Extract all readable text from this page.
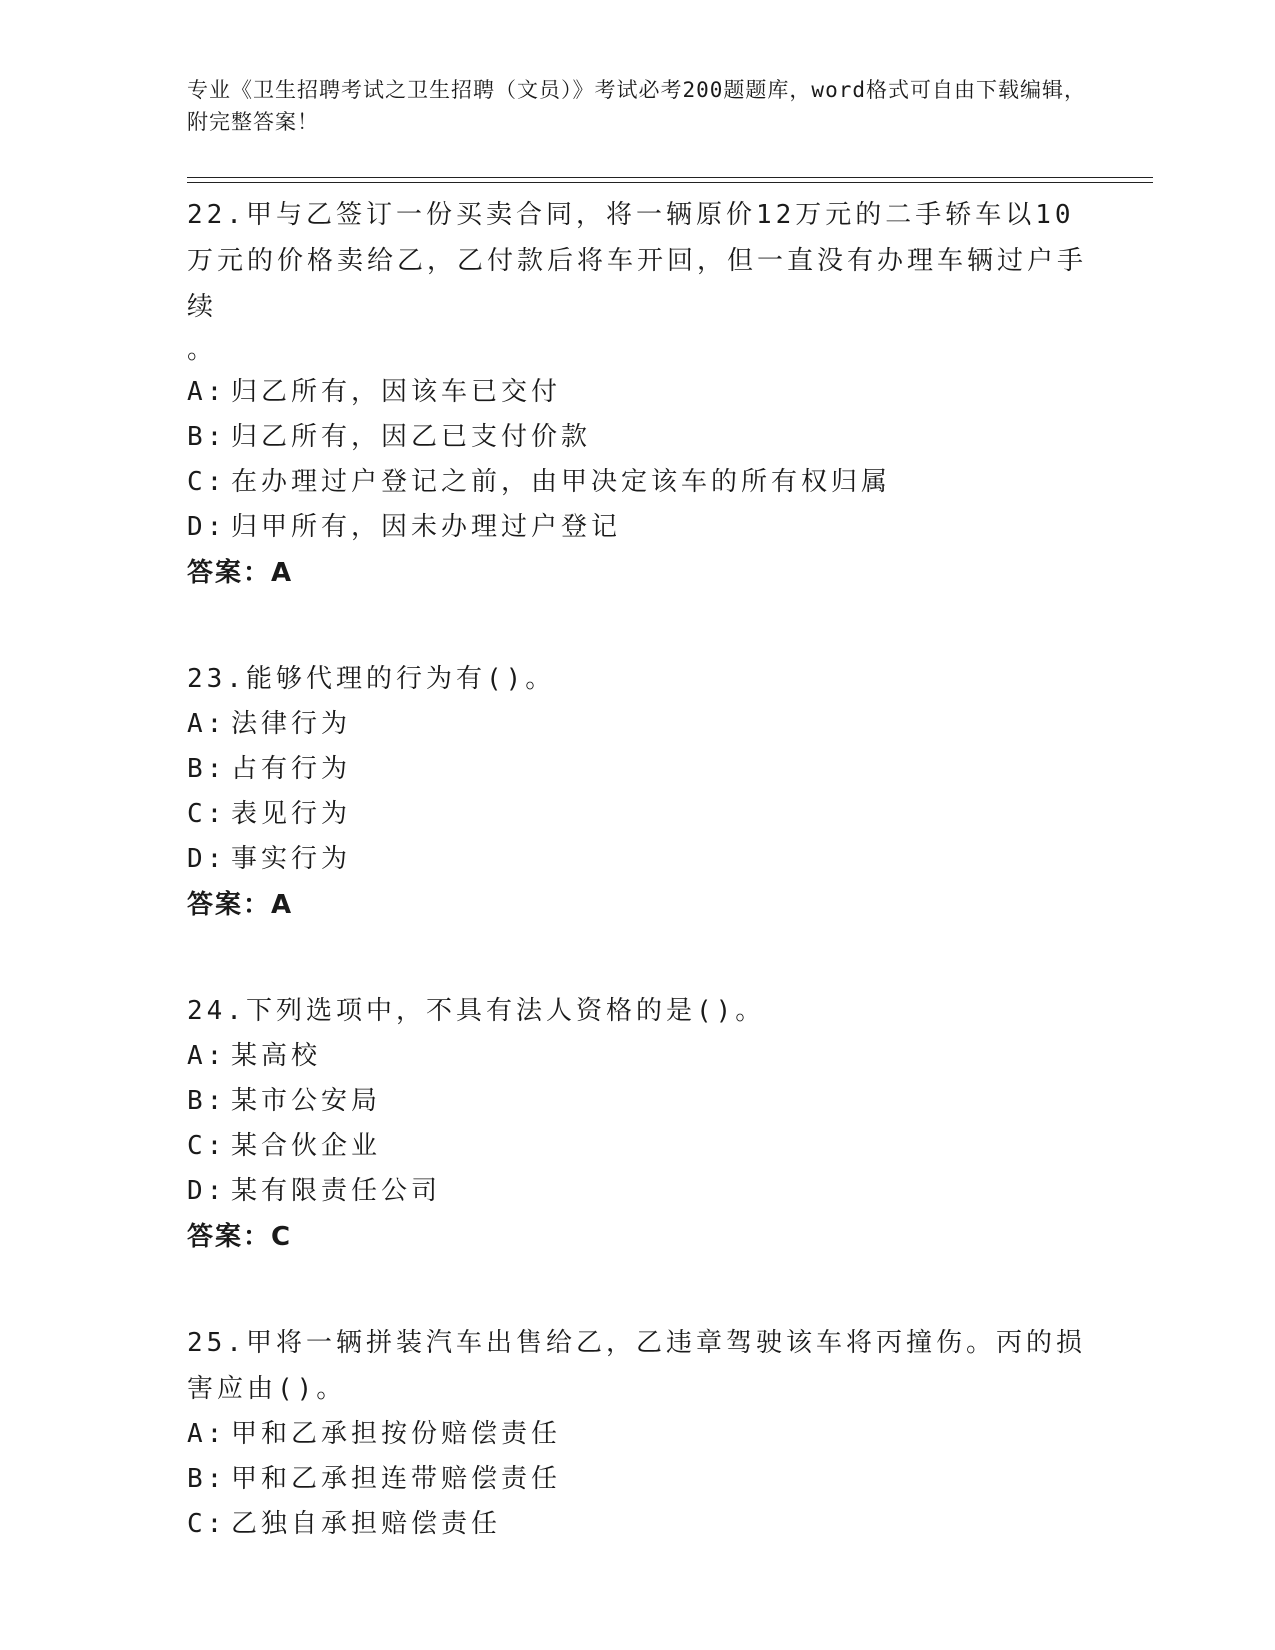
专业《卫生招聘考试之卫生招聘（文员）》考试必考200题题库，word格式可自由下载编辑，附完整答案！

22.甲与乙签订一份买卖合同，将一辆原价12万元的二手轿车以10万元的价格卖给乙，乙付款后将车开回，但一直没有办理车辆过户手续

。

A: 归乙所有，因该车已交付
B: 归乙所有，因乙已支付价款
C: 在办理过户登记之前，由甲决定该车的所有权归属
D: 归甲所有，因未办理过户登记
答案：A

23.能够代理的行为有()。

A: 法律行为
B: 占有行为
C: 表见行为
D: 事实行为
答案：A

24.下列选项中，不具有法人资格的是()。

A: 某高校
B: 某市公安局
C: 某合伙企业
D: 某有限责任公司
答案：C

25.甲将一辆拼装汽车出售给乙，乙违章驾驶该车将丙撞伤。丙的损害应由()。

A: 甲和乙承担按份赔偿责任
B: 甲和乙承担连带赔偿责任
C: 乙独自承担赔偿责任
